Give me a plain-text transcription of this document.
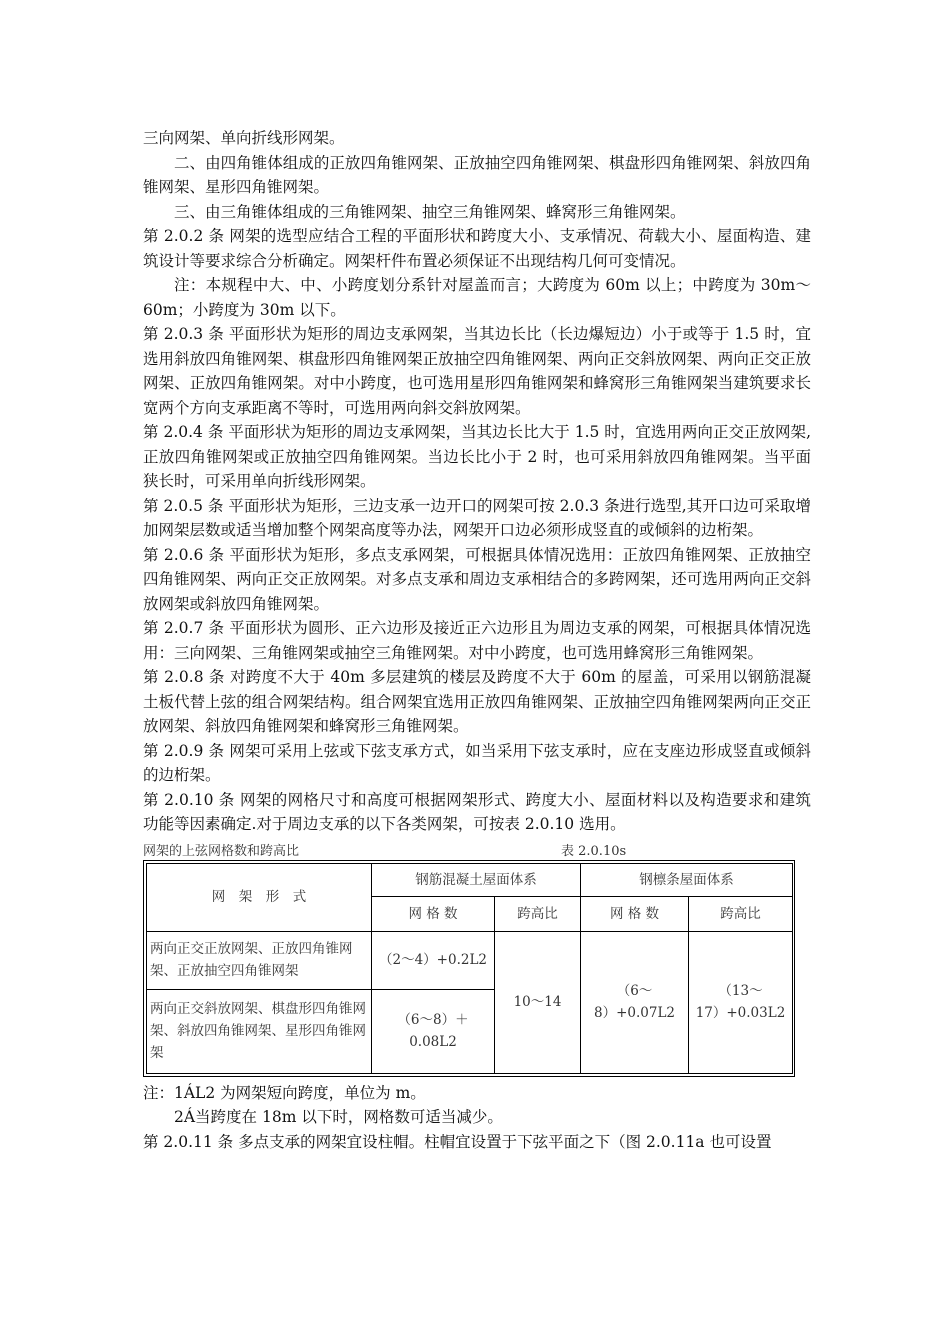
三向网架、单向折线形网架。

二、由四角锥体组成的正放四角锥网架、正放抽空四角锥网架、棋盘形四角锥网架、斜放四角锥网架、星形四角锥网架。

三、由三角锥体组成的三角锥网架、抽空三角锥网架、蜂窝形三角锥网架。

第 2.0.2 条 网架的选型应结合工程的平面形状和跨度大小、支承情况、荷载大小、屋面构造、建筑设计等要求综合分析确定。网架杆件布置必须保证不出现结构几何可变情况。

注：本规程中大、中、小跨度划分系针对屋盖而言；大跨度为 60m 以上；中跨度为 30m～60m；小跨度为 30m 以下。

第 2.0.3 条 平面形状为矩形的周边支承网架，当其边长比（长边爆短边）小于或等于 1.5 时，宜选用斜放四角锥网架、棋盘形四角锥网架正放抽空四角锥网架、两向正交斜放网架、两向正交正放网架、正放四角锥网架。对中小跨度，也可选用星形四角锥网架和蜂窝形三角锥网架当建筑要求长宽两个方向支承距离不等时，可选用两向斜交斜放网架。

第 2.0.4 条 平面形状为矩形的周边支承网架，当其边长比大于 1.5 时，宜选用两向正交正放网架,正放四角锥网架或正放抽空四角锥网架。当边长比小于 2 时，也可采用斜放四角锥网架。当平面狭长时，可采用单向折线形网架。

第 2.0.5 条 平面形状为矩形，三边支承一边开口的网架可按 2.0.3 条进行选型,其开口边可采取增加网架层数或适当增加整个网架高度等办法，网架开口边必须形成竖直的或倾斜的边桁架。

第 2.0.6 条 平面形状为矩形，多点支承网架，可根据具体情况选用：正放四角锥网架、正放抽空四角锥网架、两向正交正放网架。对多点支承和周边支承相结合的多跨网架，还可选用两向正交斜放网架或斜放四角锥网架。

第 2.0.7 条 平面形状为圆形、正六边形及接近正六边形且为周边支承的网架，可根据具体情况选用：三向网架、三角锥网架或抽空三角锥网架。对中小跨度，也可选用蜂窝形三角锥网架。

第 2.0.8 条 对跨度不大于 40m 多层建筑的楼层及跨度不大于 60m 的屋盖，可采用以钢筋混凝土板代替上弦的组合网架结构。组合网架宜选用正放四角锥网架、正放抽空四角锥网架两向正交正放网架、斜放四角锥网架和蜂窝形三角锥网架。

第 2.0.9 条 网架可采用上弦或下弦支承方式，如当采用下弦支承时，应在支座边形成竖直或倾斜的边桁架。

第 2.0.10 条 网架的网格尺寸和高度可根据网架形式、跨度大小、屋面材料以及构造要求和建筑功能等因素确定.对于周边支承的以下各类网架，可按表 2.0.10 选用。

网架的上弦网格数和跨高比	表 2.0.10s
网　架　形　式	钢筋混凝土屋面体系		钢檩条屋面体系	
	网 格 数	跨高比	网 格 数	跨高比
两向正交正放网架、正放四角锥网架、正放抽空四角锥网架	（2～4）+0.2L2	10～14	（6～8）+0.07L2	（13～17）+0.03L2
两向正交斜放网架、棋盘形四角锥网架、斜放四角锥网架、星形四角锥网架	（6～8）＋0.08L2			

注：1ÁL2 为网架短向跨度，单位为 m。

2Á当跨度在 18m 以下时，网格数可适当减少。

第 2.0.11 条 多点支承的网架宜设柱帽。柱帽宜设置于下弦平面之下（图 2.0.11a 也可设置
